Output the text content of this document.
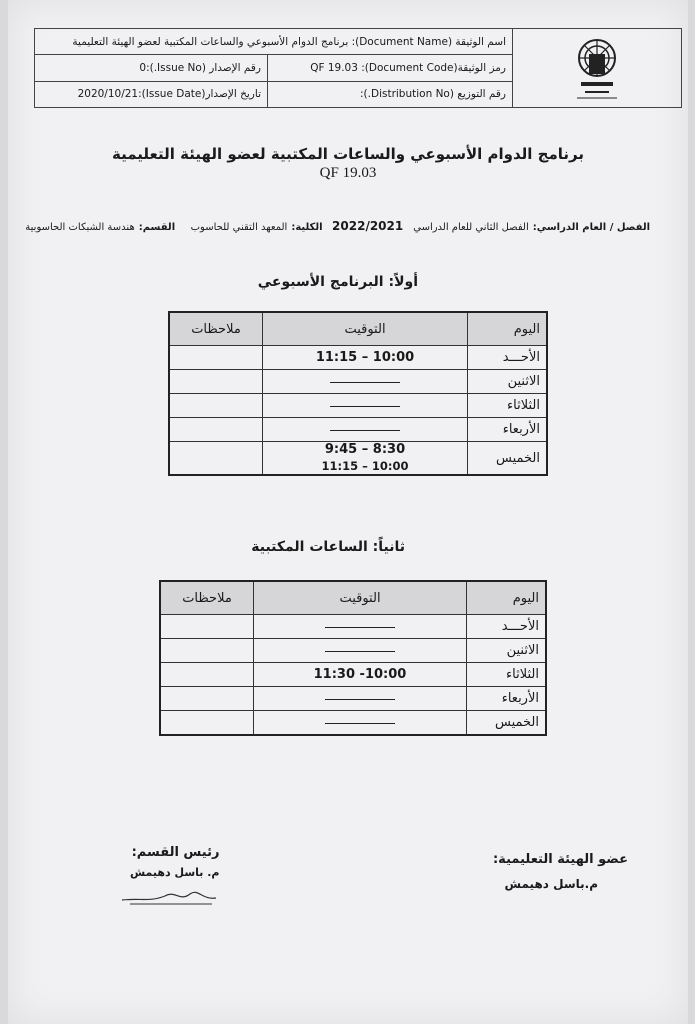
اسم الوثيقة (Document Name): برنامج الدوام الأسبوعي والساعات المكتبية لعضو الهيئة التعليمية
رمز الوثيقة(Document Code): QF 19.03
رقم الإصدار (Issue No.):0
رقم التوزيع (Distribution No.):
تاريخ الإصدار(Issue Date):2020/10/21
برنامج الدوام الأسبوعي والساعات المكتبية لعضو الهيئة التعليمية
QF 19.03
الفصل / العام الدراسي:الفصل الثاني للعام الدراسي2022/2021 الكلية:المعهد التقني للحاسوب القسم:هندسة الشبكات الحاسوبية
أولاً: البرنامج الأسبوعي
اليوم	التوقيت	ملاحظات
الأحـــد	10:00 – 11:15	
الاثنين		
الثلاثاء		
الأربعاء		
الخميس	8:30 – 9:45
10:00 – 11:15	

ثانياً: الساعات المكتبية
اليوم	التوقيت	ملاحظات
الأحـــد		
الاثنين		
الثلاثاء	10:00- 11:30	
الأربعاء		
الخميس		
عضو الهيئة التعليمية:
م.باسل دهيمش
رئيس القسم:
م. باسل دهيمش
